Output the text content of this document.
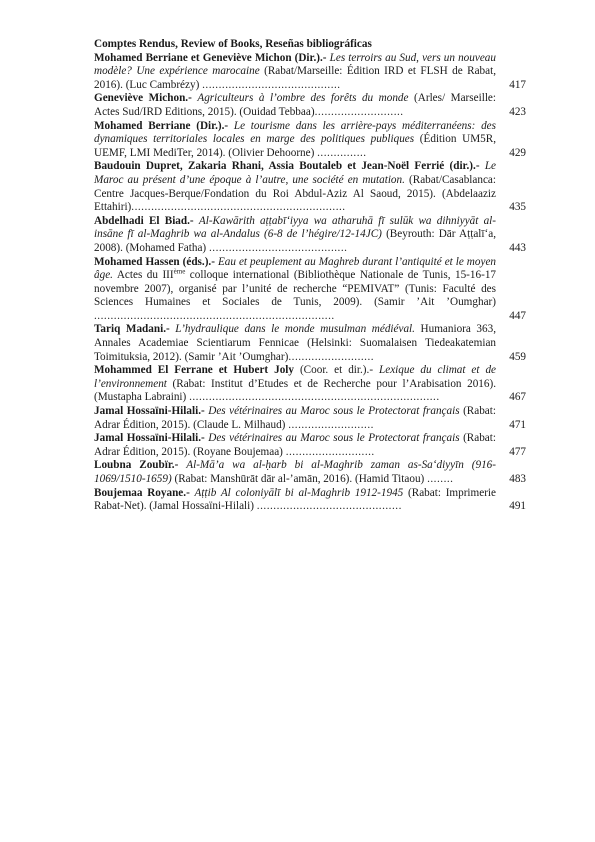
Comptes Rendus, Review of Books, Reseñas bibliográficas
Mohamed Berriane et Geneviève Michon (Dir.).- Les terroirs au Sud, vers un nouveau modèle? Une expérience marocaine (Rabat/Marseille: Édition IRD et FLSH de Rabat, 2016). (Luc Cambrézy) ..........................................	417
Geneviève Michon.- Agriculteurs à l’ombre des forêts du monde (Arles/ Marseille: Actes Sud/IRD Editions, 2015). (Ouidad Tebbaa)...........................	423
Mohamed Berriane (Dir.).- Le tourisme dans les arrière-pays méditerranéens: des dynamiques territoriales locales en marge des politiques publiques (Édition UM5R, UEMF, LMI MediTer, 2014). (Olivier Dehoorne) ...............	429
Baudouin Dupret, Zakaria Rhani, Assia Boutaleb et Jean-Noël Ferrié (dir.).- Le Maroc au présent d’une époque à l’autre, une société en mutation. (Rabat/Casablanca: Centre Jacques-Berque/Fondation du Roi Abdul-Aziz Al Saoud, 2015). (Abdelaaziz Ettahiri).................................................................	435
Abdelhadi El Biad.- Al-Kawārith aṭṭabī‘iyya wa atharuhā fī sulūk wa dihniyyāt al-insāne fī al-Maghrib wa al-Andalus (6-8 de l’hégire/12-14JC) (Beyrouth: Dār Aṭṭalī‘a, 2008). (Mohamed Fatha) ..........................................	443
Mohamed Hassen (éds.).- Eau et peuplement au Maghreb durant l’antiquité et le moyen âge. Actes du IIIème colloque international (Bibliothèque Nationale de Tunis, 15-16-17 novembre 2007), organisé par l’unité de recherche “PEMIVAT” (Tunis: Faculté des Sciences Humaines et Sociales de Tunis, 2009). (Samir ’Ait ’Oumghar) .........................................................................	447
Tariq Madani.- L’hydraulique dans le monde musulman médiéval. Humaniora 363, Annales Academiae Scientiarum Fennicae (Helsinki: Suomalaisen Tiedeakatemian Toimituksia, 2012). (Samir ’Ait ’Oumghar)..........................	459
Mohammed El Ferrane et Hubert Joly (Coor. et dir.).- Lexique du climat et de l’environnement (Rabat: Institut d’Etudes et de Recherche pour l’Arabisation 2016). (Mustapha Labraini) ............................................................................	467
Jamal Hossaïni-Hilali.- Des vétérinaires au Maroc sous le Protectorat français (Rabat: Adrar Édition, 2015). (Claude L. Milhaud) ..........................	471
Jamal Hossaïni-Hilali.- Des vétérinaires au Maroc sous le Protectorat français (Rabat: Adrar Édition, 2015). (Royane Boujemaa) ...........................	477
Loubna Zoubïr.- Al-Mā’a wa al-ḥarb bi al-Maghrib zaman as-Sa‘diyyīn (916-1069/1510-1659) (Rabat: Manshūrāt dār al-’amān, 2016). (Hamid Titaou) ........	483
Boujemaa Royane.- Aṭṭib Al coloniyālī bi al-Maghrib 1912-1945 (Rabat: Imprimerie Rabat-Net). (Jamal Hossaïni-Hilali) ............................................	491
